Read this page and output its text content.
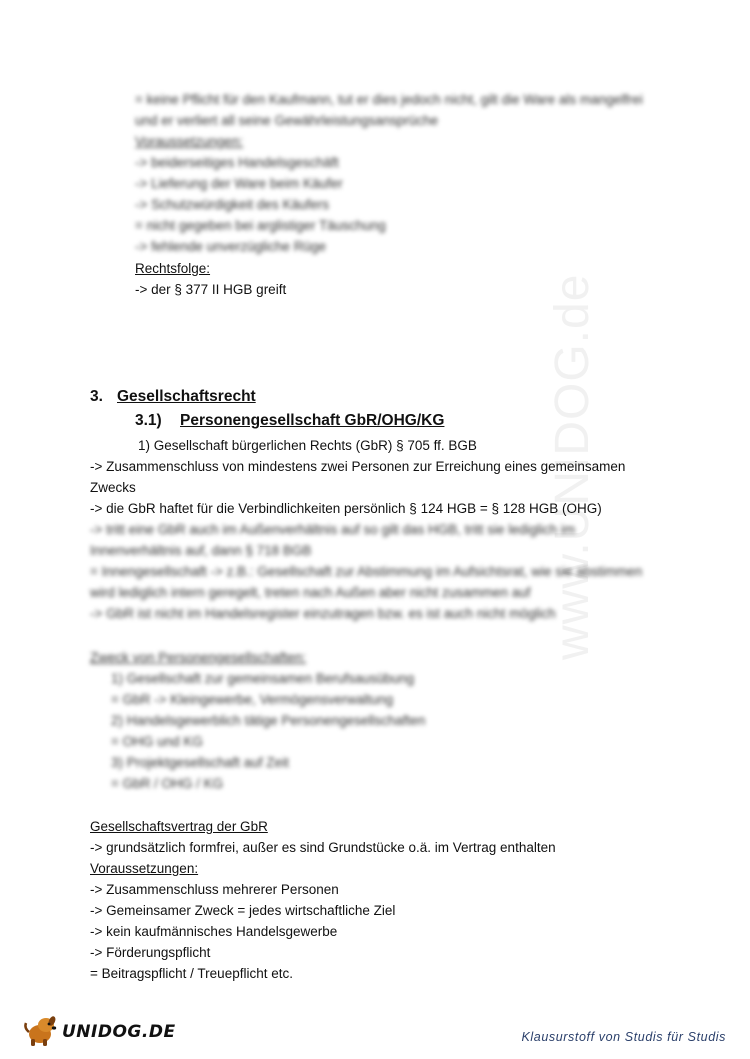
www.UNIDOG.de
= keine Pflicht für den Kaufmann, tut er dies jedoch nicht, gilt die Ware als mangelfrei
und er verliert all seine Gewährleistungsansprüche
Voraussetzungen:
-> beiderseitiges Handelsgeschäft
-> Lieferung der Ware beim Käufer
-> Schutzwürdigkeit des Käufers
= nicht gegeben bei arglistiger Täuschung
-> fehlende unverzügliche Rüge
Rechtsfolge:
-> der § 377 II HGB greift
3. Gesellschaftsrecht
3.1) Personengesellschaft GbR/OHG/KG
1) Gesellschaft bürgerlichen Rechts (GbR) § 705 ff. BGB
-> Zusammenschluss von mindestens zwei Personen zur Erreichung eines gemeinsamen
Zwecks
-> die GbR haftet für die Verbindlichkeiten persönlich § 124 HGB = § 128 HGB (OHG)
-> tritt eine GbR auch im Außenverhältnis auf so gilt das HGB, tritt sie lediglich im
Innenverhältnis auf, dann § 718 BGB
= Innengesellschaft -> z.B.: Gesellschaft zur Abstimmung im Aufsichtsrat, wie sie abstimmen
wird lediglich intern geregelt, treten nach Außen aber nicht zusammen auf
-> GbR ist nicht im Handelsregister einzutragen bzw. es ist auch nicht möglich
Zweck von Personengesellschaften:
1) Gesellschaft zur gemeinsamen Berufsausübung
= GbR -> Kleingewerbe, Vermögensverwaltung
2) Handelsgewerblich tätige Personengesellschaften
= OHG und KG
3) Projektgesellschaft auf Zeit
= GbR / OHG / KG
Gesellschaftsvertrag der GbR
-> grundsätzlich formfrei, außer es sind Grundstücke o.ä. im Vertrag enthalten
Voraussetzungen:
-> Zusammenschluss mehrerer Personen
-> Gemeinsamer Zweck = jedes wirtschaftliche Ziel
-> kein kaufmännisches Handelsgewerbe
-> Förderungspflicht
= Beitragspflicht / Treuepflicht etc.
UNIDOG.DE	Klausurstoff von Studis für Studis
